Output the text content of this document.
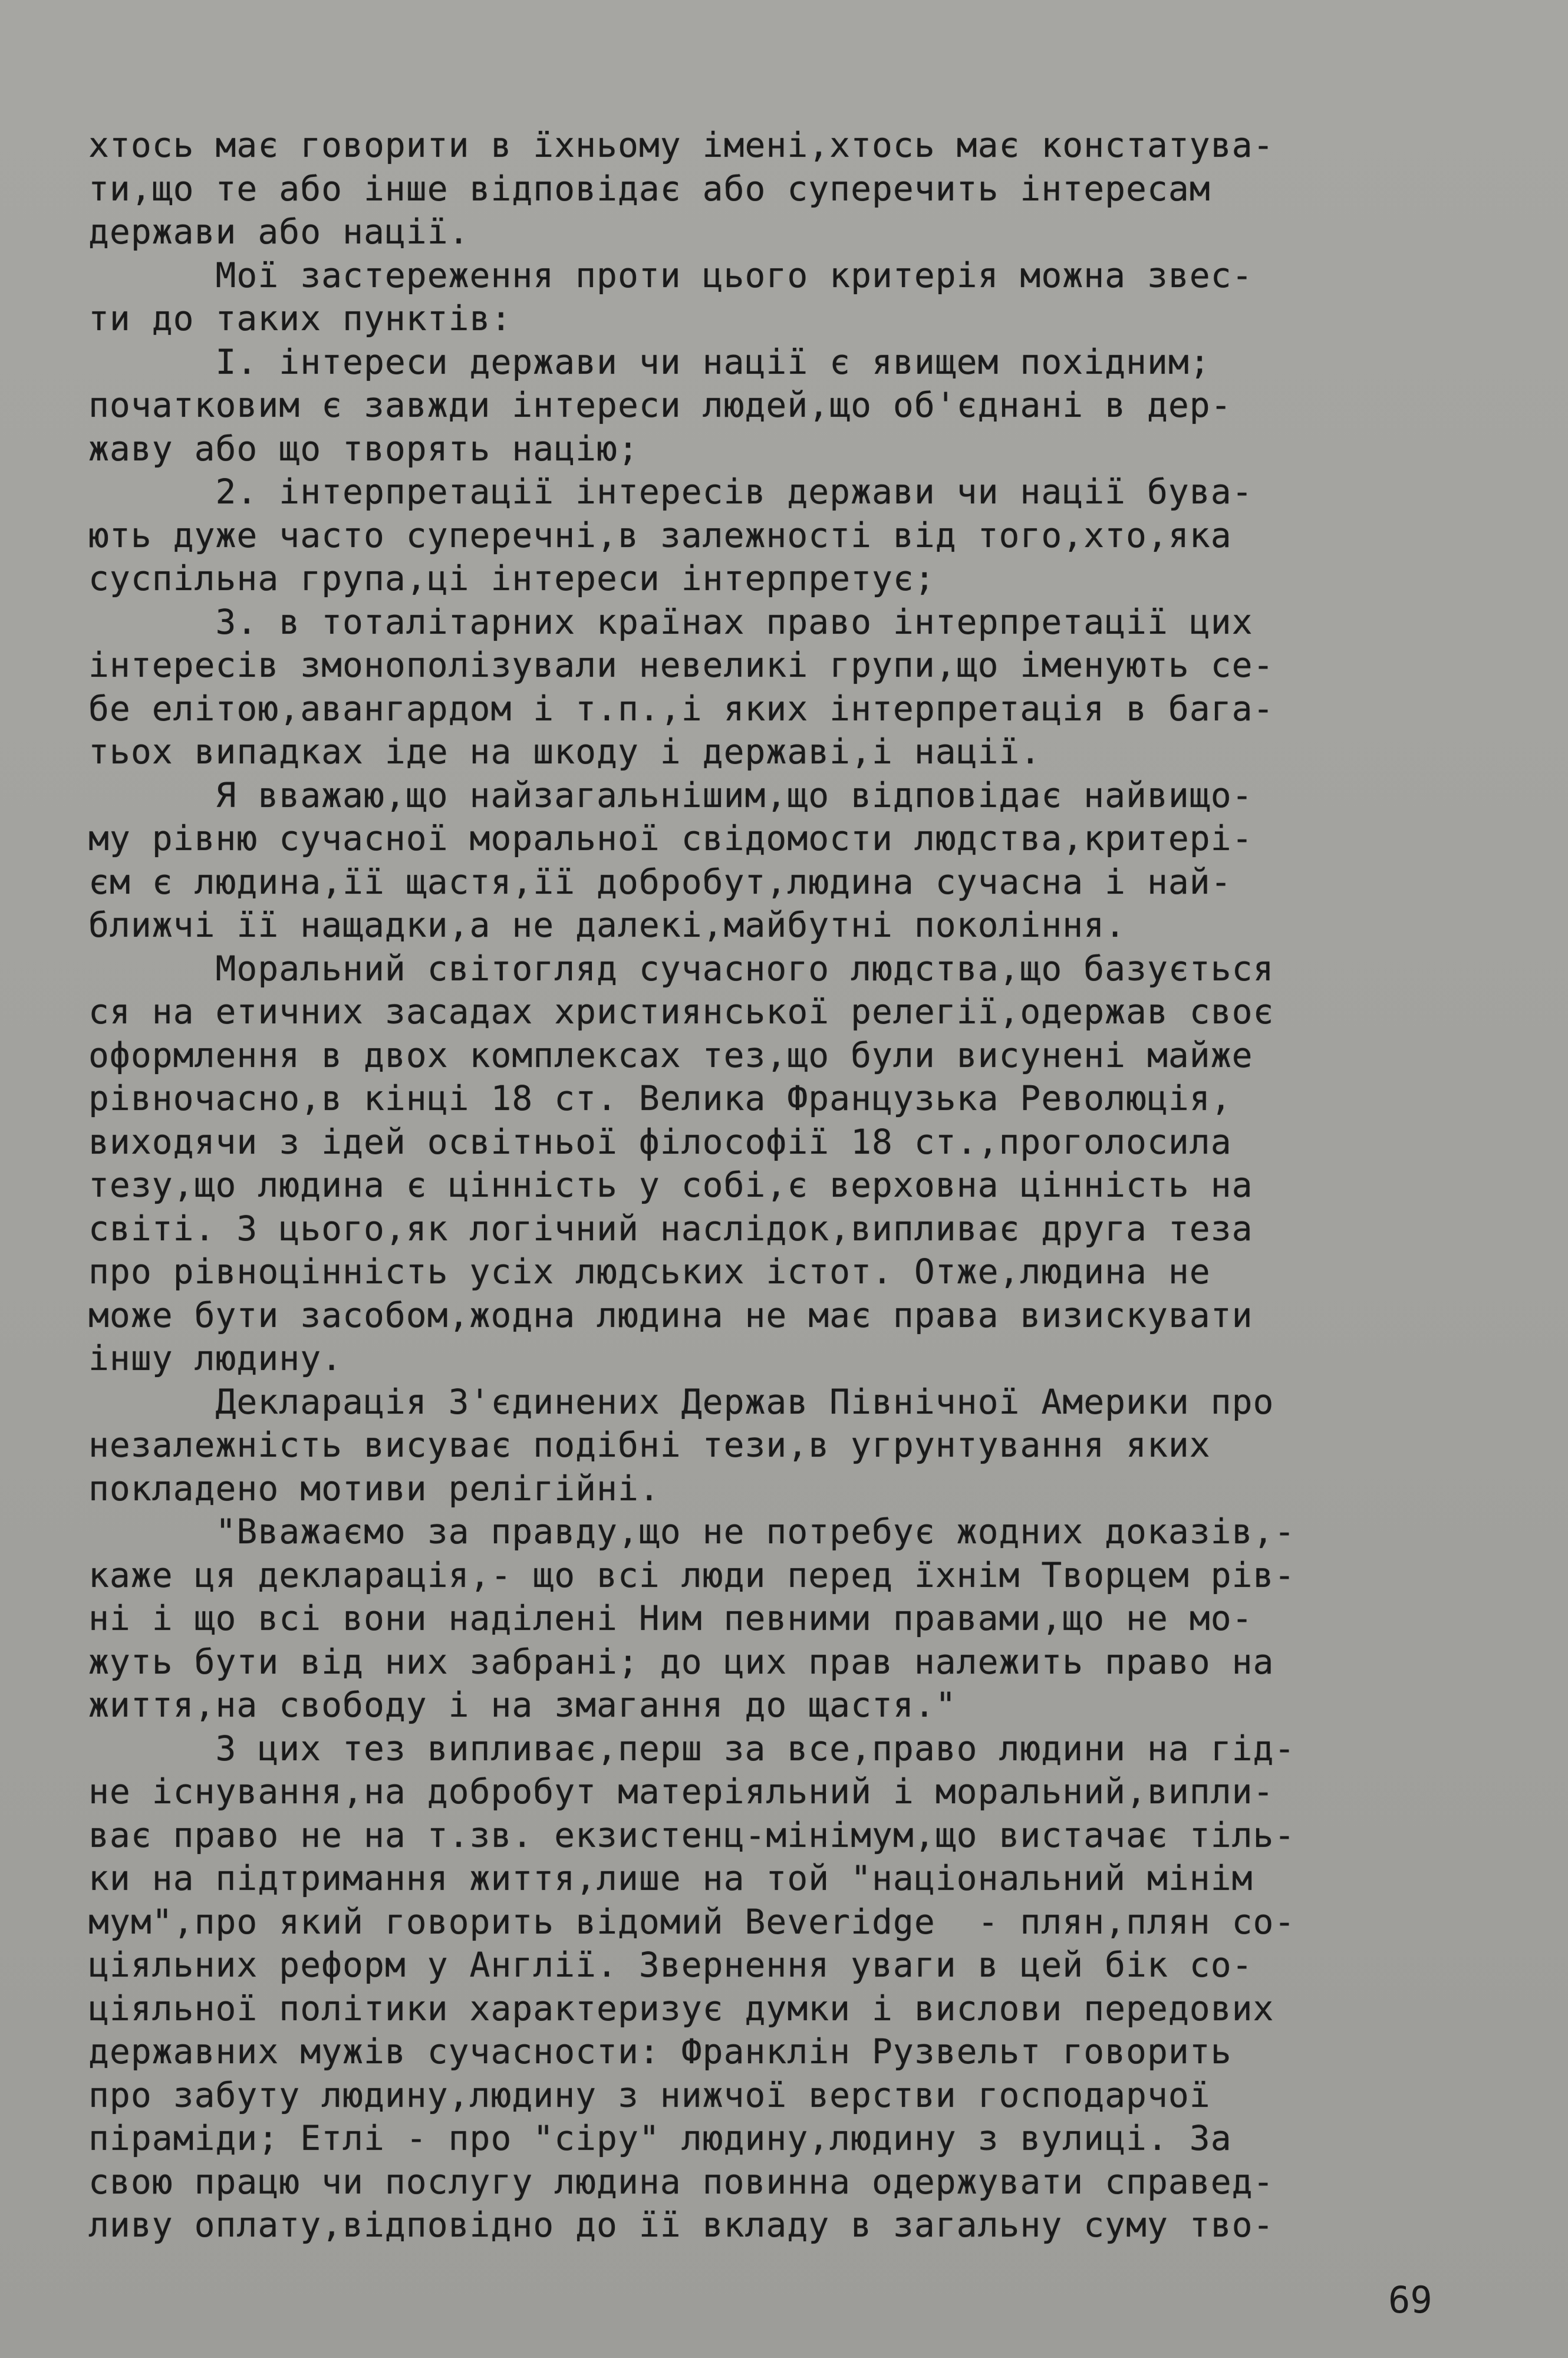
хтось має говорити в їхньому імені,хтось має констатува-
ти,що те або інше відповідає або суперечить інтересам
держави або нації.
Мої застереження проти цього критерія можна звес-
ти до таких пунктів:
І. інтереси держави чи нації є явищем похідним;
початковим є завжди інтереси людей,що об'єднані в дер-
жаву або що творять націю;
2. інтерпретації інтересів держави чи нації бува-
ють дуже часто суперечні,в залежності від того,хто,яка
суспільна група,ці інтереси інтерпретує;
3. в тоталітарних країнах право інтерпретації цих
інтересів змонополізували невеликі групи,що іменують се-
бе елітою,авангардом і т.п.,і яких інтерпретація в бага-
тьох випадках іде на шкоду і державі,і нації.
Я вважаю,що найзагальнішим,що відповідає найвищо-
му рівню сучасної моральної свідомости людства,критері-
єм є людина,її щастя,її добробут,людина сучасна і най-
ближчі її нащадки,а не далекі,майбутні покоління.
Моральний світогляд сучасного людства,що базується
ся на етичних засадах християнської релегії,одержав своє
оформлення в двох комплексах тез,що були висунені майже
рівночасно,в кінці 18 ст. Велика Французька Революція,
виходячи з ідей освітньої філософії 18 ст.,проголосила
тезу,що людина є цінність у собі,є верховна цінність на
світі. З цього,як логічний наслідок,випливає друга теза
про рівноцінність усіх людських істот. Отже,людина не
може бути засобом,жодна людина не має права визискувати
іншу людину.
Декларація З'єдинених Держав Північної Америки про
незалежність висуває подібні тези,в угрунтування яких
покладено мотиви релігійні.
"Вважаємо за правду,що не потребує жодних доказів,-
каже ця декларація,- що всі люди перед їхнім Творцем рів-
ні і що всі вони наділені Ним певними правами,що не мо-
жуть бути від них забрані; до цих прав належить право на
життя,на свободу і на змагання до щастя."
З цих тез випливає,перш за все,право людини на гід-
не існування,на добробут матеріяльний і моральний,випли-
ває право не на т.зв. екзистенц-мінімум,що вистачає тіль-
ки на підтримання життя,лише на той "національний мінім
мум",про який говорить відомий Beveridge  - плян,плян со-
ціяльних реформ у Англії. Звернення уваги в цей бік со-
ціяльної політики характеризує думки і вислови передових
державних мужів сучасности: Франклін Рузвельт говорить
про забуту людину,людину з нижчої верстви господарчої
піраміди; Етлі - про "сіру" людину,людину з вулиці. За
свою працю чи послугу людина повинна одержувати справед-
ливу оплату,відповідно до її вкладу в загальну суму тво-
69
